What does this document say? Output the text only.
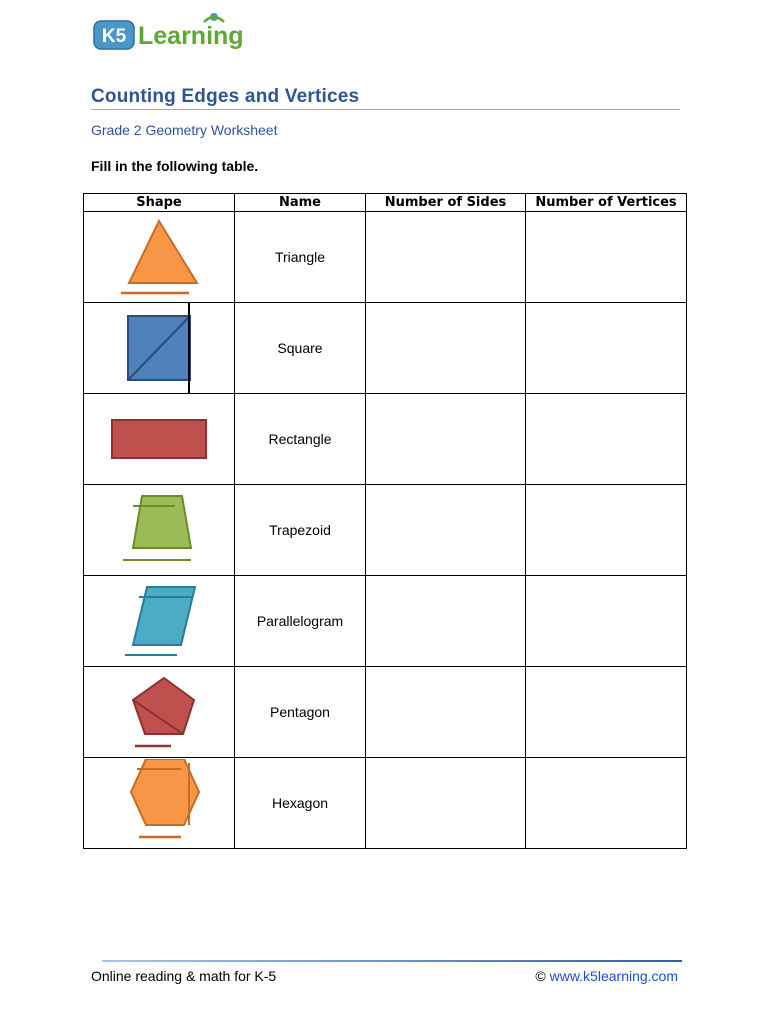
K5 Learning
Counting Edges and Vertices
Grade 2 Geometry Worksheet
Fill in the following table.
Shape	Name	Number of Sides	Number of Vertices

	Triangle		

	Square		

	Rectangle		

	Trapezoid		

	Parallelogram		

	Pentagon		

	Hexagon		
Online reading & math for K-5	© www.k5learning.com
